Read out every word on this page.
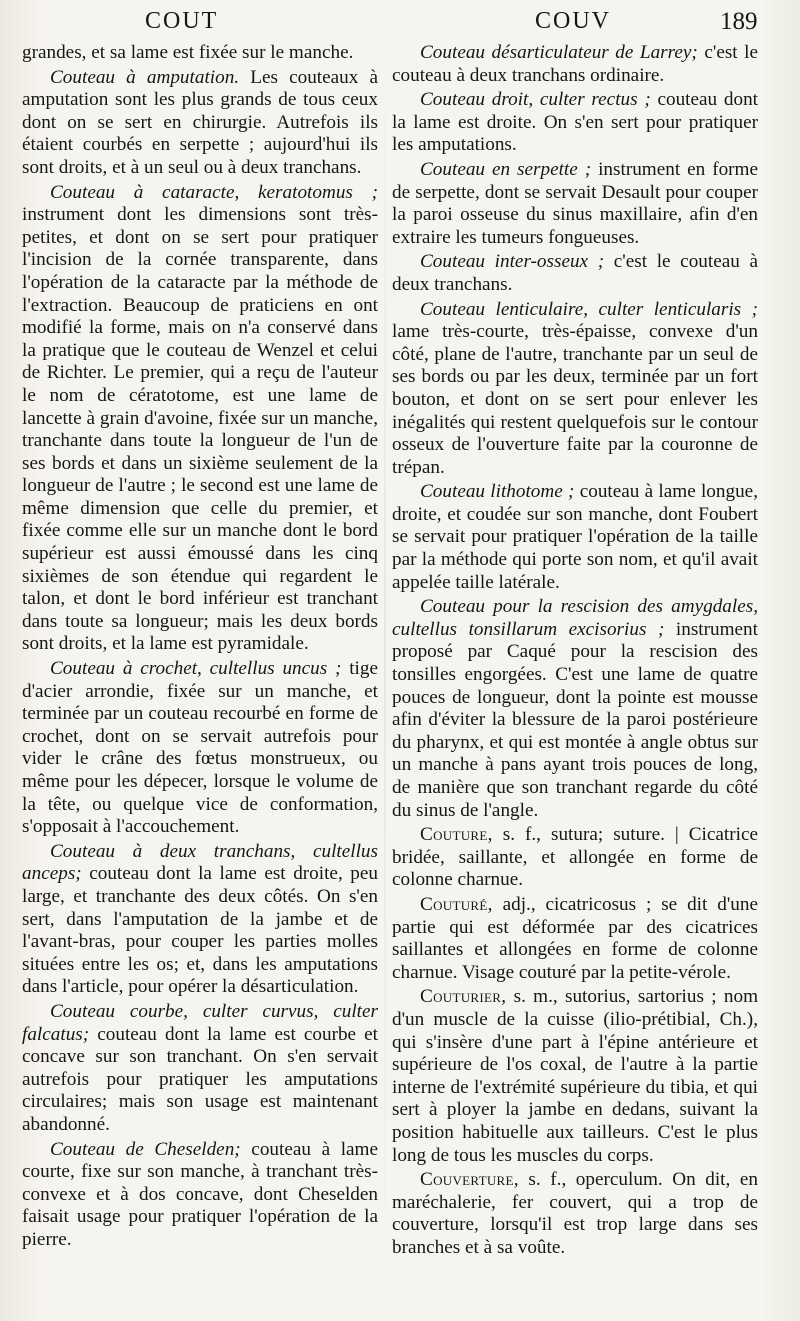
COUT	COUV	189

grandes, et sa lame est fixée sur le manche.

Couteau à amputation. Les couteaux à amputation sont les plus grands de tous ceux dont on se sert en chirurgie. Autrefois ils étaient courbés en serpette ; aujourd'hui ils sont droits, et à un seul ou à deux tranchans.

Couteau à cataracte, keratotomus ; instrument dont les dimensions sont très-petites, et dont on se sert pour pratiquer l'incision de la cornée transparente, dans l'opération de la cataracte par la méthode de l'extraction. Beaucoup de praticiens en ont modifié la forme, mais on n'a conservé dans la pratique que le couteau de Wenzel et celui de Richter. Le premier, qui a reçu de l'auteur le nom de cératotome, est une lame de lancette à grain d'avoine, fixée sur un manche, tranchante dans toute la longueur de l'un de ses bords et dans un sixième seulement de la longueur de l'autre ; le second est une lame de même dimension que celle du premier, et fixée comme elle sur un manche dont le bord supérieur est aussi émoussé dans les cinq sixièmes de son étendue qui regardent le talon, et dont le bord inférieur est tranchant dans toute sa longueur; mais les deux bords sont droits, et la lame est pyramidale.

Couteau à crochet, cultellus uncus ; tige d'acier arrondie, fixée sur un manche, et terminée par un couteau recourbé en forme de crochet, dont on se servait autrefois pour vider le crâne des fœtus monstrueux, ou même pour les dépecer, lorsque le volume de la tête, ou quelque vice de conformation, s'opposait à l'accouchement.

Couteau à deux tranchans, cultellus anceps; couteau dont la lame est droite, peu large, et tranchante des deux côtés. On s'en sert, dans l'amputation de la jambe et de l'avant-bras, pour couper les parties molles situées entre les os; et, dans les amputations dans l'article, pour opérer la désarticulation.

Couteau courbe, culter curvus, culter falcatus; couteau dont la lame est courbe et concave sur son tranchant. On s'en servait autrefois pour pratiquer les amputations circulaires; mais son usage est maintenant abandonné.

Couteau de Cheselden; couteau à lame courte, fixe sur son manche, à tranchant très-convexe et à dos concave, dont Cheselden faisait usage pour pratiquer l'opération de la pierre.

Couteau désarticulateur de Larrey; c'est le couteau à deux tranchans ordinaire.

Couteau droit, culter rectus ; couteau dont la lame est droite. On s'en sert pour pratiquer les amputations.

Couteau en serpette ; instrument en forme de serpette, dont se servait Desault pour couper la paroi osseuse du sinus maxillaire, afin d'en extraire les tumeurs fongueuses.

Couteau inter-osseux ; c'est le couteau à deux tranchans.

Couteau lenticulaire, culter lenticularis ; lame très-courte, très-épaisse, convexe d'un côté, plane de l'autre, tranchante par un seul de ses bords ou par les deux, terminée par un fort bouton, et dont on se sert pour enlever les inégalités qui restent quelquefois sur le contour osseux de l'ouverture faite par la couronne de trépan.

Couteau lithotome ; couteau à lame longue, droite, et coudée sur son manche, dont Foubert se servait pour pratiquer l'opération de la taille par la méthode qui porte son nom, et qu'il avait appelée taille latérale.

Couteau pour la rescision des amygdales, cultellus tonsillarum excisorius ; instrument proposé par Caqué pour la rescision des tonsilles engorgées. C'est une lame de quatre pouces de longueur, dont la pointe est mousse afin d'éviter la blessure de la paroi postérieure du pharynx, et qui est montée à angle obtus sur un manche à pans ayant trois pouces de long, de manière que son tranchant regarde du côté du sinus de l'angle.

Couture, s. f., sutura; suture. | Cicatrice bridée, saillante, et allongée en forme de colonne charnue.

Couturé, adj., cicatricosus ; se dit d'une partie qui est déformée par des cicatrices saillantes et allongées en forme de colonne charnue. Visage couturé par la petite-vérole.

Couturier, s. m., sutorius, sartorius ; nom d'un muscle de la cuisse (ilio-prétibial, Ch.), qui s'insère d'une part à l'épine antérieure et supérieure de l'os coxal, de l'autre à la partie interne de l'extrémité supérieure du tibia, et qui sert à ployer la jambe en dedans, suivant la position habituelle aux tailleurs. C'est le plus long de tous les muscles du corps.

Couverture, s. f., operculum. On dit, en maréchalerie, fer couvert, qui a trop de couverture, lorsqu'il est trop large dans ses branches et à sa voûte.
